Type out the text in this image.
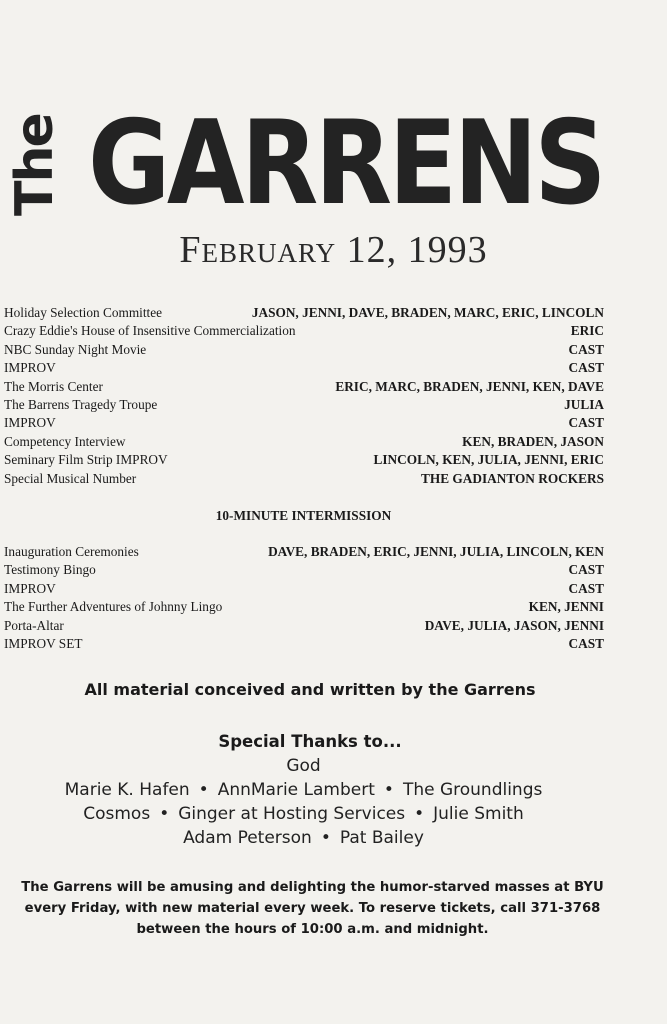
The GARRENS
February 12, 1993
Holiday Selection Committee	JASON, JENNI, DAVE, BRADEN, MARC, ERIC, LINCOLN
Crazy Eddie's House of Insensitive Commercialization	ERIC
NBC Sunday Night Movie	CAST
IMPROV	CAST
The Morris Center	ERIC, MARC, BRADEN, JENNI, KEN, DAVE
The Barrens Tragedy Troupe	JULIA
IMPROV	CAST
Competency Interview	KEN, BRADEN, JASON
Seminary Film Strip IMPROV	LINCOLN, KEN, JULIA, JENNI, ERIC
Special Musical Number	THE GADIANTON ROCKERS
10-MINUTE INTERMISSION
Inauguration Ceremonies	DAVE, BRADEN, ERIC, JENNI, JULIA, LINCOLN, KEN
Testimony Bingo	CAST
IMPROV	CAST
The Further Adventures of Johnny Lingo	KEN, JENNI
Porta-Altar	DAVE, JULIA, JASON, JENNI
IMPROV SET	CAST
All material conceived and written by the Garrens
Special Thanks to...
God
Marie K. Hafen • AnnMarie Lambert • The Groundlings
Cosmos • Ginger at Hosting Services • Julie Smith
Adam Peterson • Pat Bailey
The Garrens will be amusing and delighting the humor-starved masses at BYU every Friday, with new material every week. To reserve tickets, call 371-3768 between the hours of 10:00 a.m. and midnight.
